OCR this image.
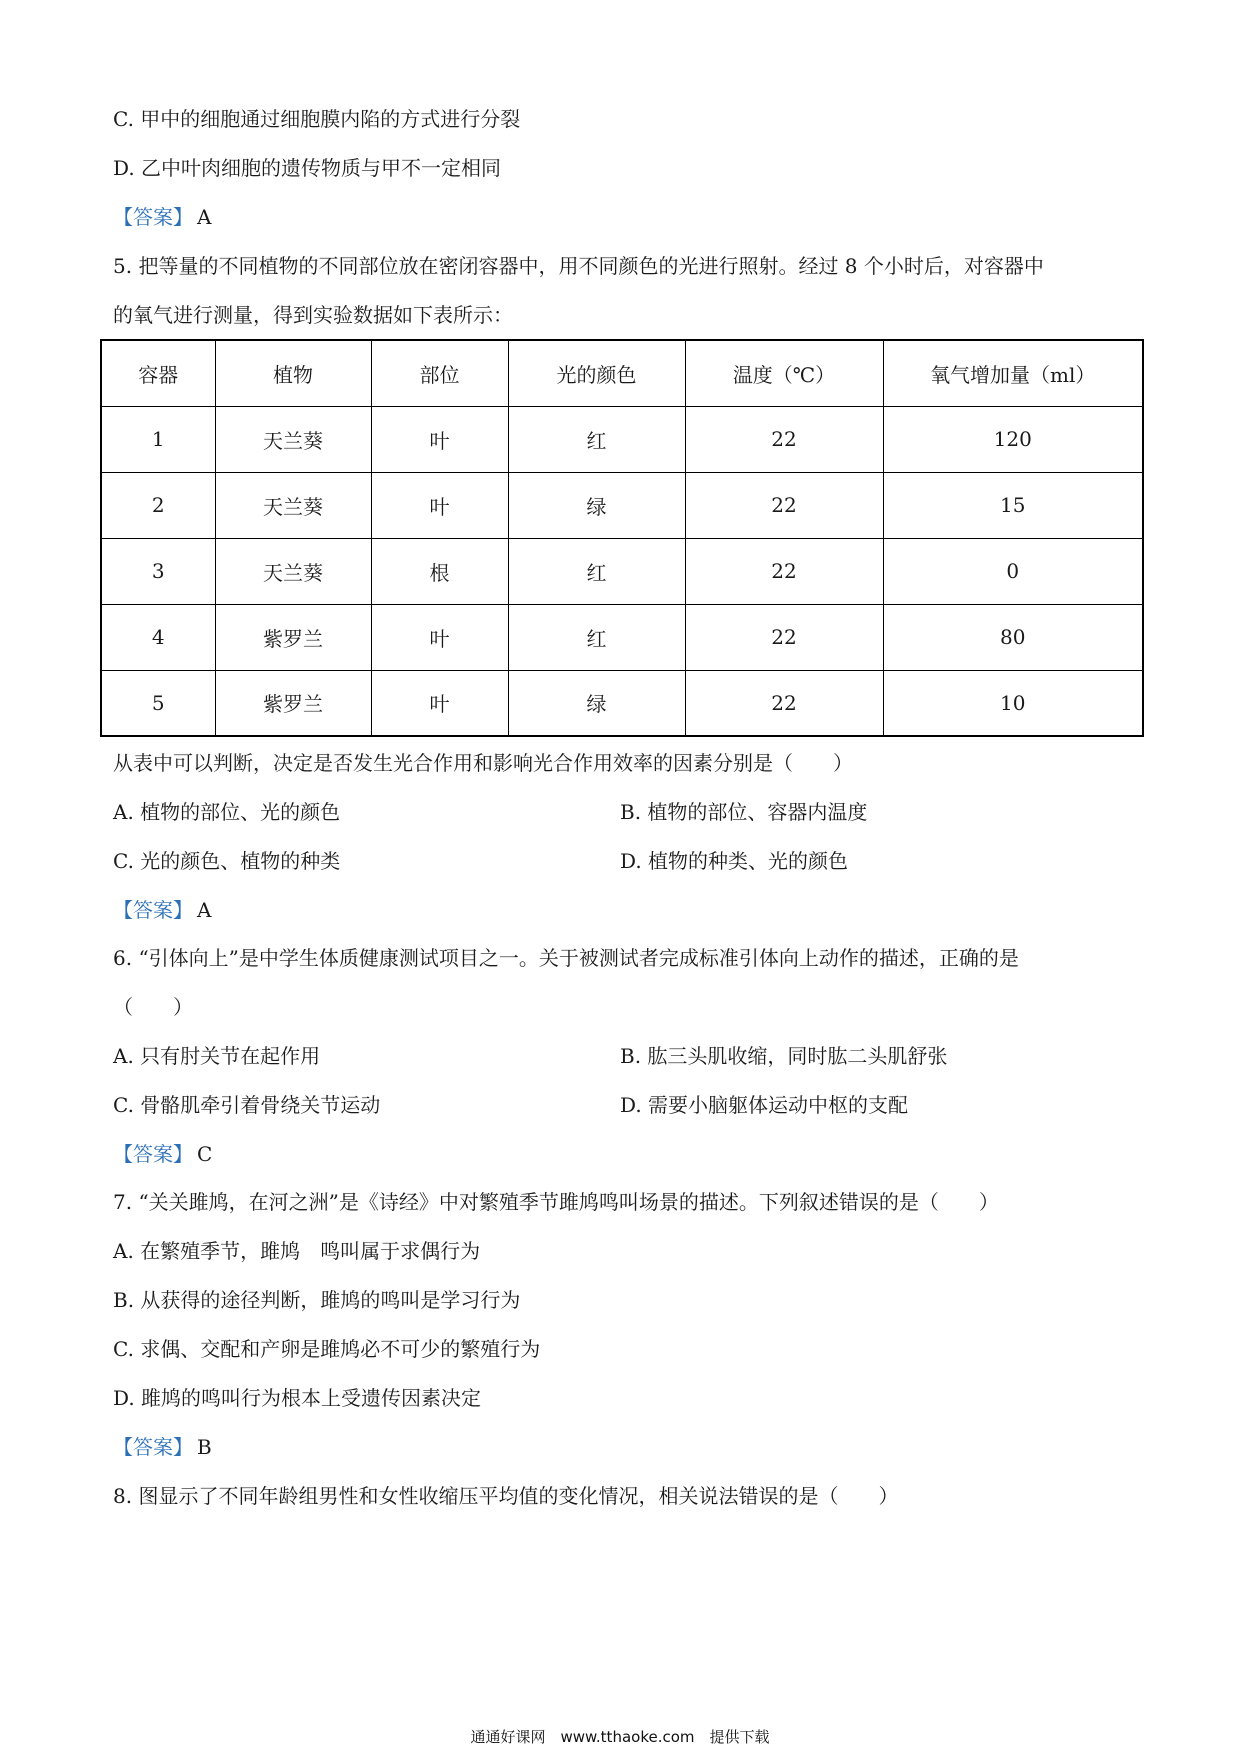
C. 甲中的细胞通过细胞膜内陷的方式进行分裂
D. 乙中叶肉细胞的遗传物质与甲不一定相同
【答案】 A
5. 把等量的不同植物的不同部位放在密闭容器中，用不同颜色的光进行照射。经过 8 个小时后，对容器中
的氧气进行测量，得到实验数据如下表所示：
容器	植物	部位	光的颜色	温度（℃）	氧气增加量（ml）
1	天兰葵	叶	红	22	120
2	天兰葵	叶	绿	22	15
3	天兰葵	根	红	22	0
4	紫罗兰	叶	红	22	80
5	紫罗兰	叶	绿	22	10
从表中可以判断，决定是否发生光合作用和影响光合作用效率的因素分别是（　　）
A. 植物的部位、光的颜色	B. 植物的部位、容器内温度
C. 光的颜色、植物的种类	D. 植物的种类、光的颜色
【答案】 A
6. “引体向上”是中学生体质健康测试项目之一。关于被测试者完成标准引体向上动作的描述，正确的是
（　　）
A. 只有肘关节在起作用	B. 肱三头肌收缩，同时肱二头肌舒张
C. 骨骼肌牵引着骨绕关节运动	D. 需要小脑躯体运动中枢的支配
【答案】 C
7. “关关雎鸠，在河之洲”是《诗经》中对繁殖季节雎鸠鸣叫场景的描述。下列叙述错误的是（　　）
A. 在繁殖季节，雎鸠　鸣叫属于求偶行为
B. 从获得的途径判断，雎鸠的鸣叫是学习行为
C. 求偶、交配和产卵是雎鸠必不可少的繁殖行为
D. 雎鸠的鸣叫行为根本上受遗传因素决定
【答案】 B
8. 图显示了不同年龄组男性和女性收缩压平均值的变化情况，相关说法错误的是（　　）
通通好课网　www.tthaoke.com　提供下载
